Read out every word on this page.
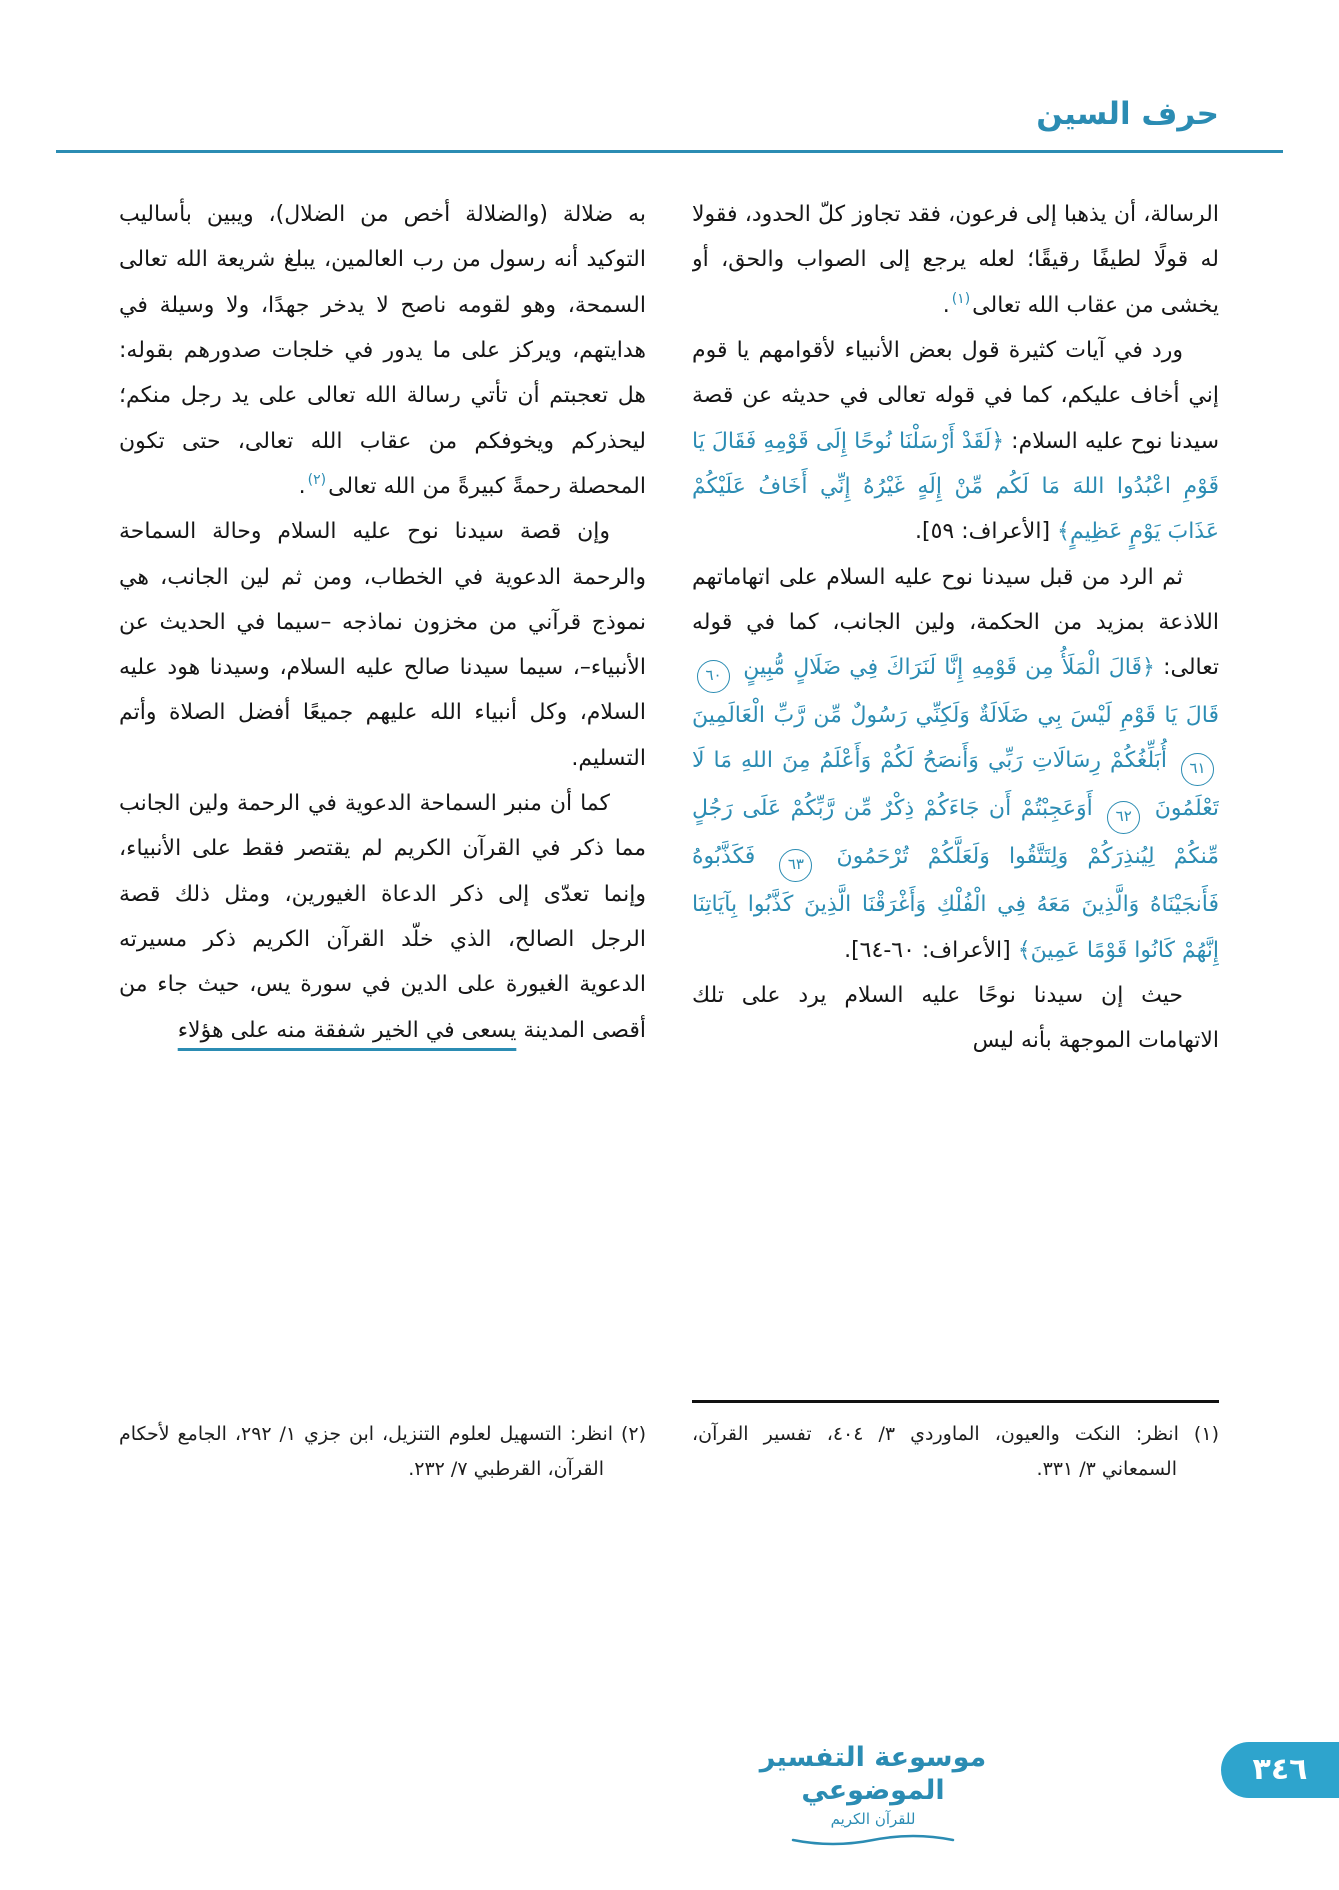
حرف السين

الرسالة، أن يذهبا إلى فرعون، فقد تجاوز كلّ الحدود، فقولا له قولًا لطيفًا رقيقًا؛ لعله يرجع إلى الصواب والحق، أو يخشى من عقاب الله تعالى$^{(١)}$.

ورد في آيات كثيرة قول بعض الأنبياء لأقوامهم يا قوم إني أخاف عليكم، كما في قوله تعالى في حديثه عن قصة سيدنا نوح عليه السلام: ﴿لَقَدْ أَرْسَلْنَا نُوحًا إِلَى قَوْمِهِ فَقَالَ يَا قَوْمِ اعْبُدُوا اللهَ مَا لَكُم مِّنْ إِلَهٍ غَيْرُهُ إِنِّي أَخَافُ عَلَيْكُمْ عَذَابَ يَوْمٍ عَظِيمٍ﴾ [الأعراف: ٥٩].

ثم الرد من قبل سيدنا نوح عليه السلام على اتهاماتهم اللاذعة بمزيد من الحكمة، ولين الجانب، كما في قوله تعالى: ﴿قَالَ الْمَلَأُ مِن قَوْمِهِ إِنَّا لَنَرَاكَ فِي ضَلَالٍ مُّبِينٍ ٦٠ قَالَ يَا قَوْمِ لَيْسَ بِي ضَلَالَةٌ وَلَكِنِّي رَسُولٌ مِّن رَّبِّ الْعَالَمِينَ ٦١ أُبَلِّغُكُمْ رِسَالَاتِ رَبِّي وَأَنصَحُ لَكُمْ وَأَعْلَمُ مِنَ اللهِ مَا لَا تَعْلَمُونَ ٦٢ أَوَعَجِبْتُمْ أَن جَاءَكُمْ ذِكْرٌ مِّن رَّبِّكُمْ عَلَى رَجُلٍ مِّنكُمْ لِيُنذِرَكُمْ وَلِتَتَّقُوا وَلَعَلَّكُمْ تُرْحَمُونَ ٦٣ فَكَذَّبُوهُ فَأَنجَيْنَاهُ وَالَّذِينَ مَعَهُ فِي الْفُلْكِ وَأَغْرَقْنَا الَّذِينَ كَذَّبُوا بِآيَاتِنَا إِنَّهُمْ كَانُوا قَوْمًا عَمِينَ﴾ [الأعراف: ٦٠-٦٤].

حيث إن سيدنا نوحًا عليه السلام يرد على تلك الاتهامات الموجهة بأنه ليس

(١) انظر: النكت والعيون، الماوردي ٣/ ٤٠٤، تفسير القرآن، السمعاني ٣/ ٣٣١.

به ضلالة (والضلالة أخص من الضلال)، ويبين بأساليب التوكيد أنه رسول من رب العالمين، يبلغ شريعة الله تعالى السمحة، وهو لقومه ناصح لا يدخر جهدًا، ولا وسيلة في هدايتهم، ويركز على ما يدور في خلجات صدورهم بقوله: هل تعجبتم أن تأتي رسالة الله تعالى على يد رجل منكم؛ ليحذركم ويخوفكم من عقاب الله تعالى، حتى تكون المحصلة رحمةً كبيرةً من الله تعالى$^{(٢)}$.

وإن قصة سيدنا نوح عليه السلام وحالة السماحة والرحمة الدعوية في الخطاب، ومن ثم لين الجانب، هي نموذج قرآني من مخزون نماذجه –سيما في الحديث عن الأنبياء–، سيما سيدنا صالح عليه السلام، وسيدنا هود عليه السلام، وكل أنبياء الله عليهم جميعًا أفضل الصلاة وأتم التسليم.

كما أن منبر السماحة الدعوية في الرحمة ولين الجانب مما ذكر في القرآن الكريم لم يقتصر فقط على الأنبياء، وإنما تعدّى إلى ذكر الدعاة الغيورين، ومثل ذلك قصة الرجل الصالح، الذي خلّد القرآن الكريم ذكر مسيرته الدعوية الغيورة على الدين في سورة يس، حيث جاء من أقصى المدينة يسعى في الخير شفقة منه على هؤلاء

(٢) انظر: التسهيل لعلوم التنزيل، ابن جزي ١/ ٢٩٢، الجامع لأحكام القرآن، القرطبي ٧/ ٢٣٢.

موسوعة التفسير الموضوعي
للقرآن الكريم
٣٤٦
